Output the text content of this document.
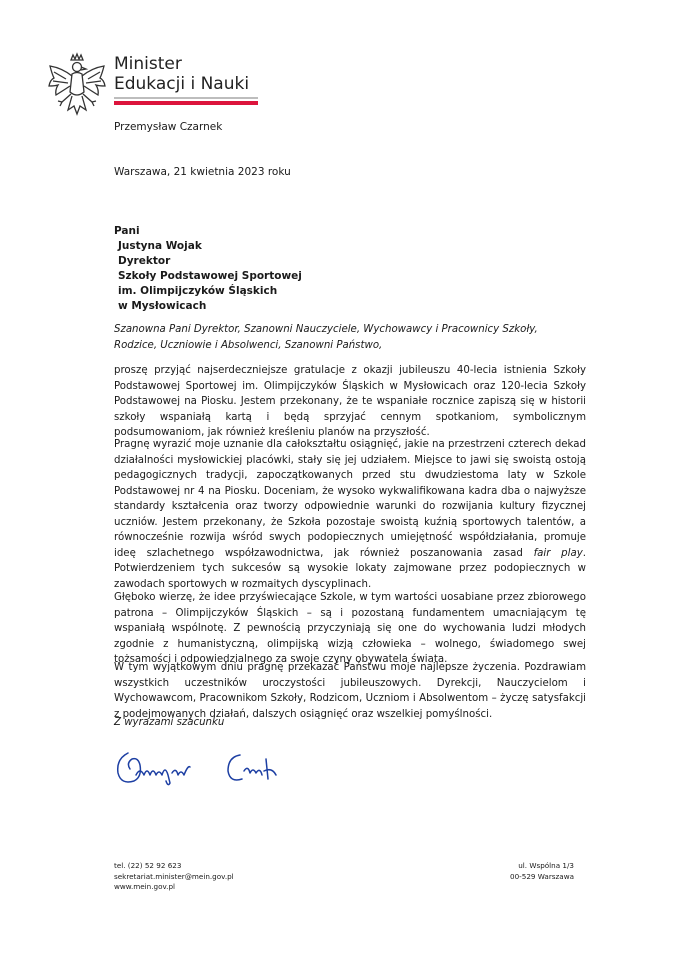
Minister
Edukacji i Nauki
Przemysław Czarnek
Warszawa, 21 kwietnia 2023 roku
Pani
Justyna Wojak
Dyrektor
Szkoły Podstawowej Sportowej
im. Olimpijczyków Śląskich
w Mysłowicach
Szanowna Pani Dyrektor, Szanowni Nauczyciele, Wychowawcy i Pracownicy Szkoły, Rodzice, Uczniowie i Absolwenci, Szanowni Państwo,
proszę przyjąć najserdeczniejsze gratulacje z okazji jubileuszu 40-lecia istnienia Szkoły Podstawowej Sportowej im. Olimpijczyków Śląskich w Mysłowicach oraz 120-lecia Szkoły Podstawowej na Piosku. Jestem przekonany, że te wspaniałe rocznice zapiszą się w historii szkoły wspaniałą kartą i będą sprzyjać cennym spotkaniom, symbolicznym podsumowaniom, jak również kreśleniu planów na przyszłość.
Pragnę wyrazić moje uznanie dla całokształtu osiągnięć, jakie na przestrzeni czterech dekad działalności mysłowickiej placówki, stały się jej udziałem. Miejsce to jawi się swoistą ostoją pedagogicznych tradycji, zapoczątkowanych przed stu dwudziestoma laty w Szkole Podstawowej nr 4 na Piosku. Doceniam, że wysoko wykwalifikowana kadra dba o najwyższe standardy kształcenia oraz tworzy odpowiednie warunki do rozwijania kultury fizycznej uczniów. Jestem przekonany, że Szkoła pozostaje swoistą kuźnią sportowych talentów, a równocześnie rozwija wśród swych podopiecznych umiejętność współdziałania, promuje ideę szlachetnego współzawodnictwa, jak również poszanowania zasad fair play. Potwierdzeniem tych sukcesów są wysokie lokaty zajmowane przez podopiecznych w zawodach sportowych w rozmaitych dyscyplinach.
Głęboko wierzę, że idee przyświecające Szkole, w tym wartości uosabiane przez zbiorowego patrona – Olimpijczyków Śląskich – są i pozostaną fundamentem umacniającym tę wspaniałą wspólnotę. Z pewnością przyczyniają się one do wychowania ludzi młodych zgodnie z humanistyczną, olimpijską wizją człowieka – wolnego, świadomego swej tożsamości i odpowiedzialnego za swoje czyny obywatela świata.
W tym wyjątkowym dniu pragnę przekazać Państwu moje najlepsze życzenia. Pozdrawiam wszystkich uczestników uroczystości jubileuszowych. Dyrekcji, Nauczycielom i Wychowawcom, Pracownikom Szkoły, Rodzicom, Uczniom i Absolwentom – życzę satysfakcji z podejmowanych działań, dalszych osiągnięć oraz wszelkiej pomyślności.
Z wyrazami szacunku
tel. (22) 52 92 623
sekretariat.minister@mein.gov.pl
www.mein.gov.pl
ul. Wspólna 1/3
00-529 Warszawa
